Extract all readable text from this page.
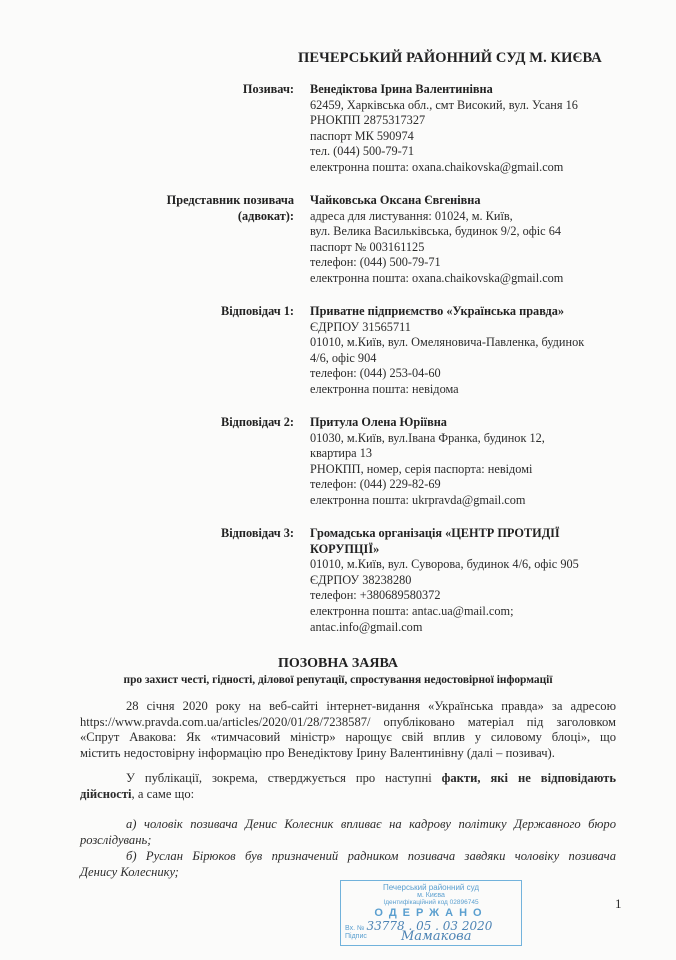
ПЕЧЕРСЬКИЙ РАЙОННИЙ СУД М. КИЄВА
Позивач: Венедіктова Ірина Валентинівна
62459, Харківська обл., смт Високий, вул. Усаня 16
РНОКПП 2875317327
паспорт МК 590974
тел. (044) 500-79-71
електронна пошта: oxana.chaikovska@gmail.com
Представник позивача
(адвокат):
Чайковська Оксана Євгенівна
адреса для листування: 01024, м. Київ,
вул. Велика Васильківська, будинок 9/2, офіс 64
паспорт № 003161125
телефон: (044) 500-79-71
електронна пошта: oxana.chaikovska@gmail.com
Відповідач 1: Приватне підприємство «Українська правда»
ЄДРПОУ 31565711
01010, м.Київ, вул. Омеляновича-Павленка, будинок
4/6, офіс 904
телефон: (044) 253-04-60
електронна пошта: невідома
Відповідач 2: Притула Олена Юріївна
01030, м.Київ, вул.Івана Франка, будинок 12,
квартира 13
РНОКПП, номер, серія паспорта: невідомі
телефон: (044) 229-82-69
електронна пошта: ukrpravda@gmail.com
Відповідач 3: Громадська організація «ЦЕНТР ПРОТИДІЇ
КОРУПЦІЇ»
01010, м.Київ, вул. Суворова, будинок 4/6, офіс 905
ЄДРПОУ 38238280
телефон: +380689580372
електронна пошта: antac.ua@mail.com;
antac.info@gmail.com
ПОЗОВНА ЗАЯВА
про захист честі, гідності, ділової репутації, спростування недостовірної інформації
28 січня 2020 року на веб-сайті інтернет-видання «Українська правда» за адресою
https://www.pravda.com.ua/articles/2020/01/28/7238587/ опубліковано матеріал під заголовком
«Спрут Авакова: Як «тимчасовий міністр» нарощує свій вплив у силовому блоці», що
містить недостовірну інформацію про Венедіктову Ірину Валентинівну (далі – позивач).
У публікації, зокрема, стверджується про наступні факти, які не відповідають
дійсності, а саме що:
а) чоловік позивача Денис Колесник впливає на кадрову політику Державного бюро
розслідувань;
б) Руслан Бірюков був призначений радником позивача завдяки чоловіку позивача
Денису Колеснику;
Печерський районний суд
м. Києва
Ідентифікаційний код 02896745
ОДЕРЖАНО
Вх. № 33778 . 05 . 03 2020
Підпис	Мамакова
1
